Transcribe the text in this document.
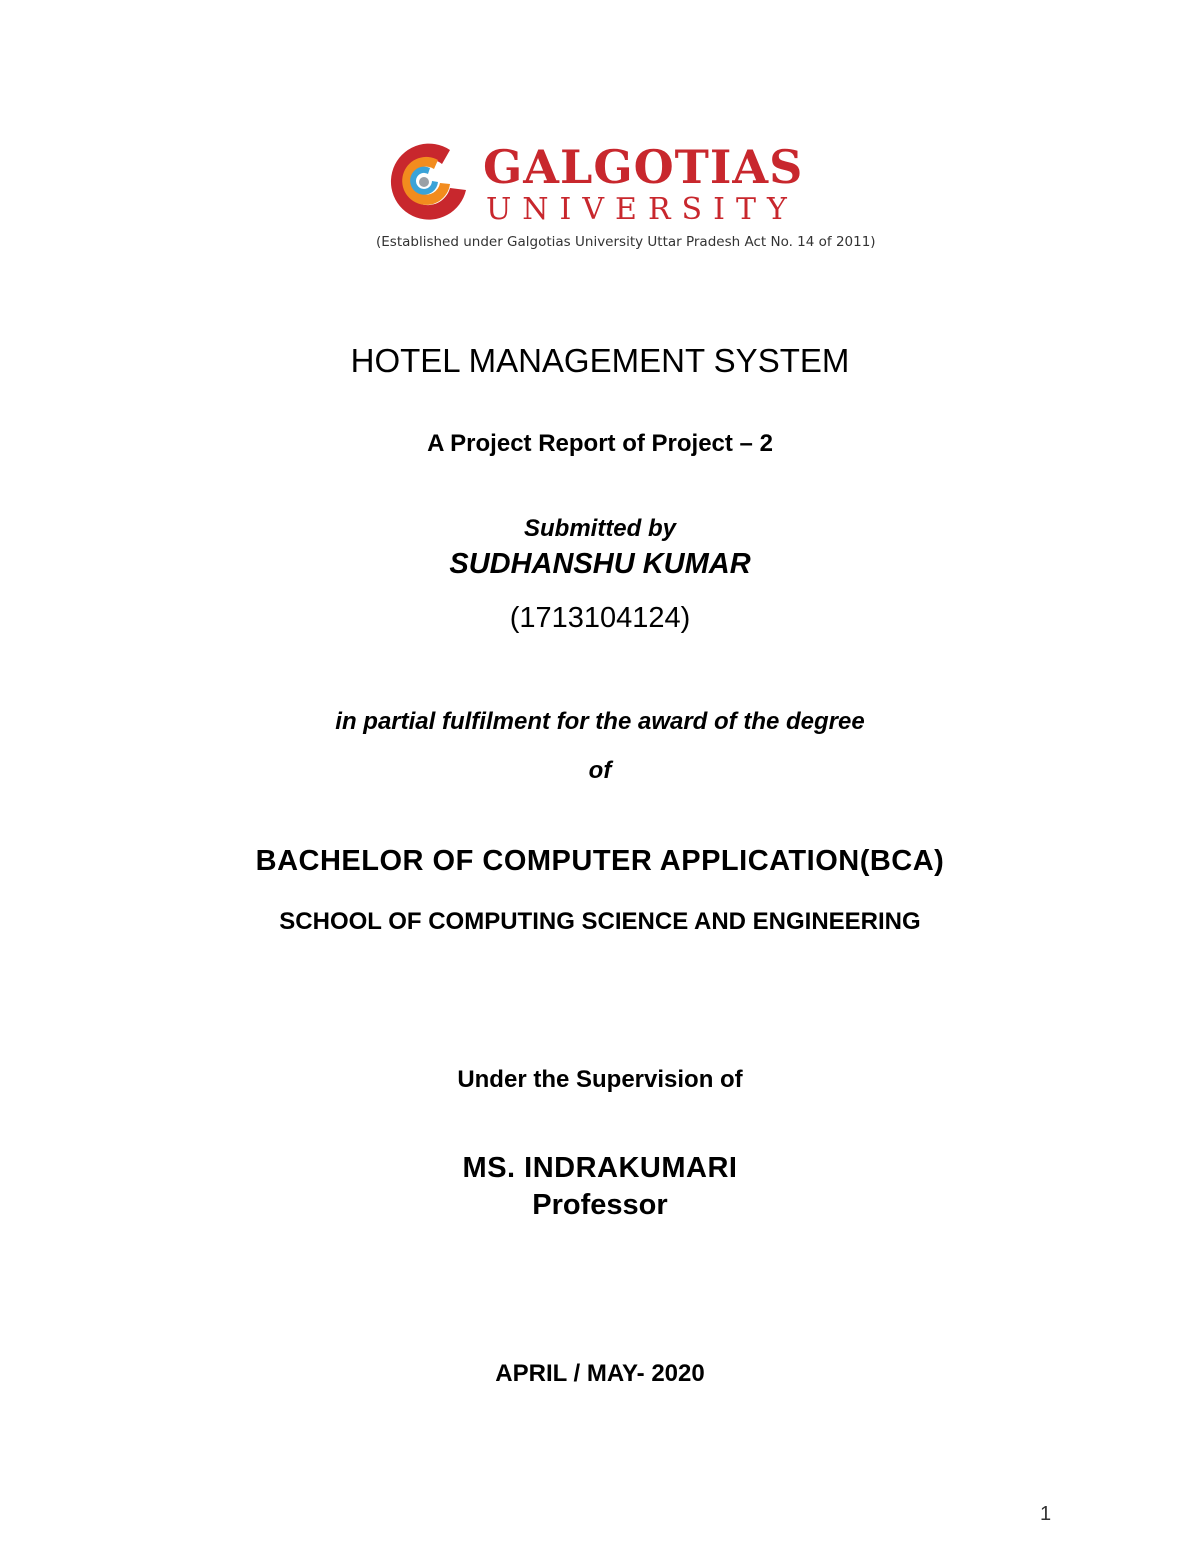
GALGOTIAS
UNIVERSITY
(Established under Galgotias University Uttar Pradesh Act No. 14 of 2011)
HOTEL MANAGEMENT SYSTEM
A Project Report of Project – 2
Submitted by
SUDHANSHU KUMAR
(1713104124)
in partial fulfilment for the award of the degree
of
BACHELOR OF COMPUTER APPLICATION(BCA)
SCHOOL OF COMPUTING SCIENCE AND ENGINEERING
Under the Supervision of
MS. INDRAKUMARI
Professor
APRIL / MAY- 2020
1
